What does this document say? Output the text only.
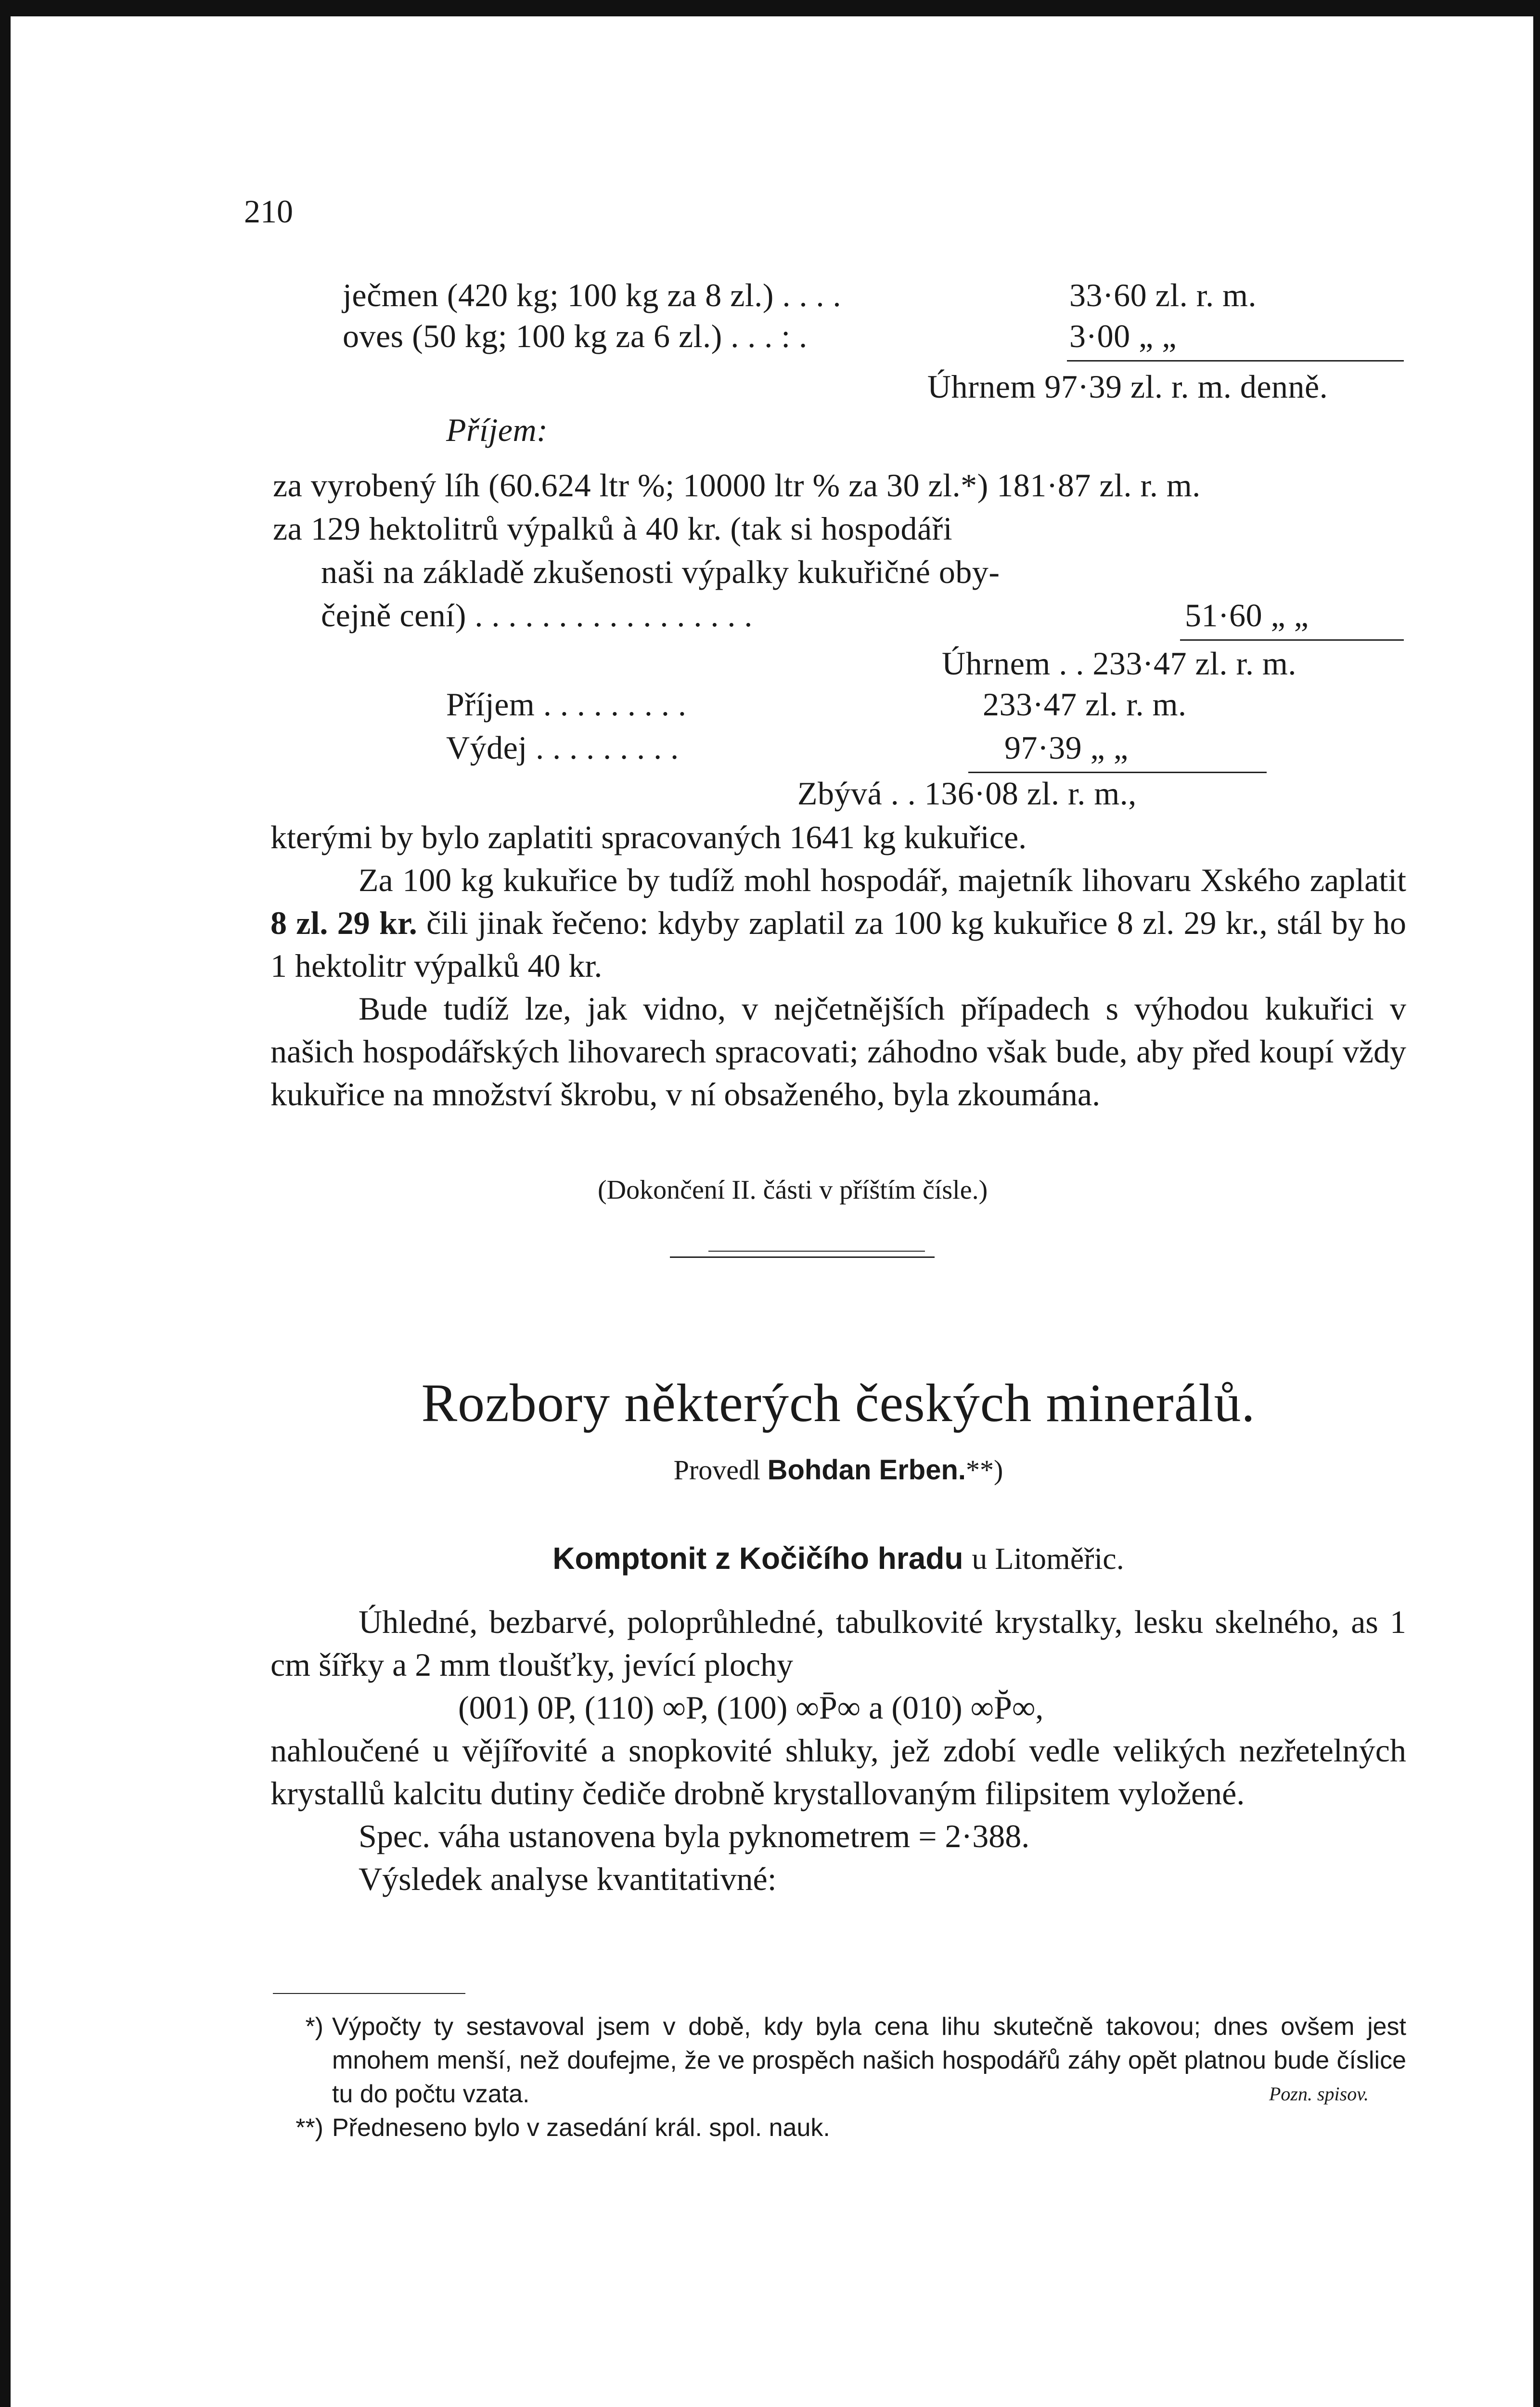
210
ječmen (420 kg; 100 kg za 8 zl.) . . . .	33·60 zl. r. m.
oves (50 kg; 100 kg za 6 zl.) . . . : .	3·00 „ „
Úhrnem 97·39 zl. r. m. denně.
Příjem:
za vyrobený líh (60.624 ltr %; 10000 ltr % za 30 zl.*) 181·87 zl. r. m.
za 129 hektolitrů výpalků à 40 kr. (tak si hospodáři
naši na základě zkušenosti výpalky kukuřičné oby-
čejně cení) . . . . . . . . . . . . . . . . .	51·60 „ „
Úhrnem . . 233·47 zl. r. m.
Příjem . . . . . . . . .	233·47 zl. r. m.
Výdej . . . . . . . . .	97·39 „ „
Zbývá . . 136·08 zl. r. m.,

kterými by bylo zaplatiti spracovaných 1641 kg kukuřice.

Za 100 kg kukuřice by tudíž mohl hospodář, majetník lihovaru Xského zaplatit 8 zl. 29 kr. čili jinak řečeno: kdyby zaplatil za 100 kg kukuřice 8 zl. 29 kr., stál by ho 1 hektolitr výpalků 40 kr.

Bude tudíž lze, jak vidno, v nejčetnějších případech s výhodou kukuřici v našich hospodářských lihovarech spracovati; záhodno však bude, aby před koupí vždy kukuřice na množství škrobu, v ní obsaženého, byla zkoumána.

(Dokončení II. části v příštím čísle.)
Rozbory některých českých minerálů.
Provedl Bohdan Erben.**)
Komptonit z Kočičího hradu u Litoměřic.

Úhledné, bezbarvé, poloprůhledné, tabulkovité krystalky, lesku skelného, as 1 cm šířky a 2 mm tloušťky, jevící plochy

(001) 0P, (110) ∞P, (100) ∞P̄∞ a (010) ∞P̆∞,

nahloučené u vějířovité a snopkovité shluky, jež zdobí vedle velikých nezřetelných krystallů kalcitu dutiny čediče drobně krystallovaným filipsitem vyložené.

Spec. váha ustanovena byla pyknometrem = 2·388.

Výsledek analyse kvantitativné:

*) Výpočty ty sestavoval jsem v době, kdy byla cena lihu skutečně takovou; dnes ovšem jest mnohem menší, než doufejme, že ve prospěch našich hospodářů záhy opět platnou bude číslice tu do počtu vzata.	Pozn. spisov.

**) Předneseno bylo v zasedání král. spol. nauk.
